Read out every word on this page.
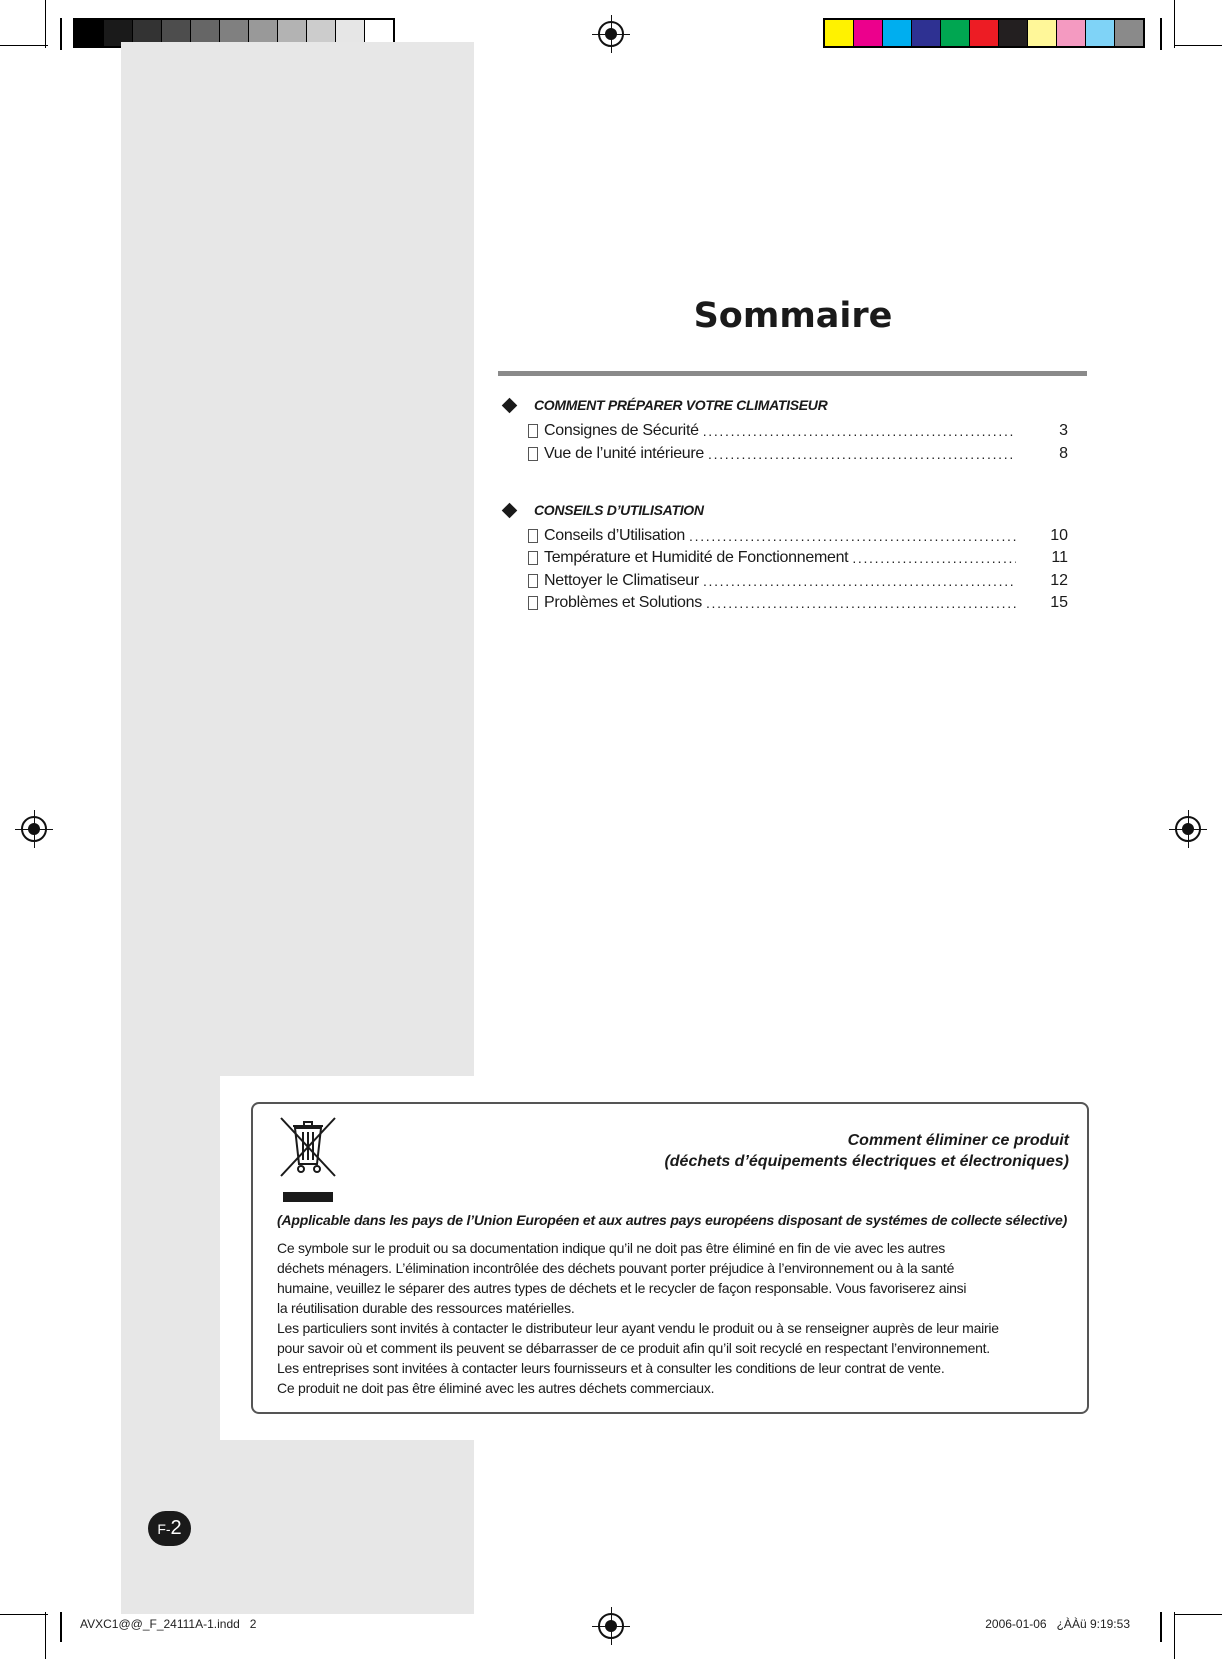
Sommaire
COMMENT PRÉPARER VOTRE CLIMATISEUR
Consignes de Sécurité . . .	3
Vue de l’unité intérieure . . .	8
CONSEILS D’UTILISATION
Conseils d’Utilisation . . .	10
Température et Humidité de Fonctionnement . . .	11
Nettoyer le Climatiseur . . .	12
Problèmes et Solutions . . .	15
Comment éliminer ce produit
(déchets d’équipements électriques et électroniques)
(Applicable dans les pays de l’Union Européen et aux autres pays européens disposant de systémes de collecte sélective)
Ce symbole sur le produit ou sa documentation indique qu’il ne doit pas être éliminé en fin de vie avec les autres
déchets ménagers. L’élimination incontrôlée des déchets pouvant porter préjudice à l’environnement ou à la santé
humaine, veuillez le séparer des autres types de déchets et le recycler de façon responsable. Vous favoriserez ainsi
la réutilisation durable des ressources matérielles.
Les particuliers sont invités à contacter le distributeur leur ayant vendu le produit ou à se renseigner auprès de leur mairie
pour savoir où et comment ils peuvent se débarrasser de ce produit afin qu’il soit recyclé en respectant l’environnement.
Les entreprises sont invitées à contacter leurs fournisseurs et à consulter les conditions de leur contrat de vente.
Ce produit ne doit pas être éliminé avec les autres déchets commerciaux.
F-2
AVXC1@@_F_24111A-1.indd   2	2006-01-06   ¿ÀÀü 9:19:53
